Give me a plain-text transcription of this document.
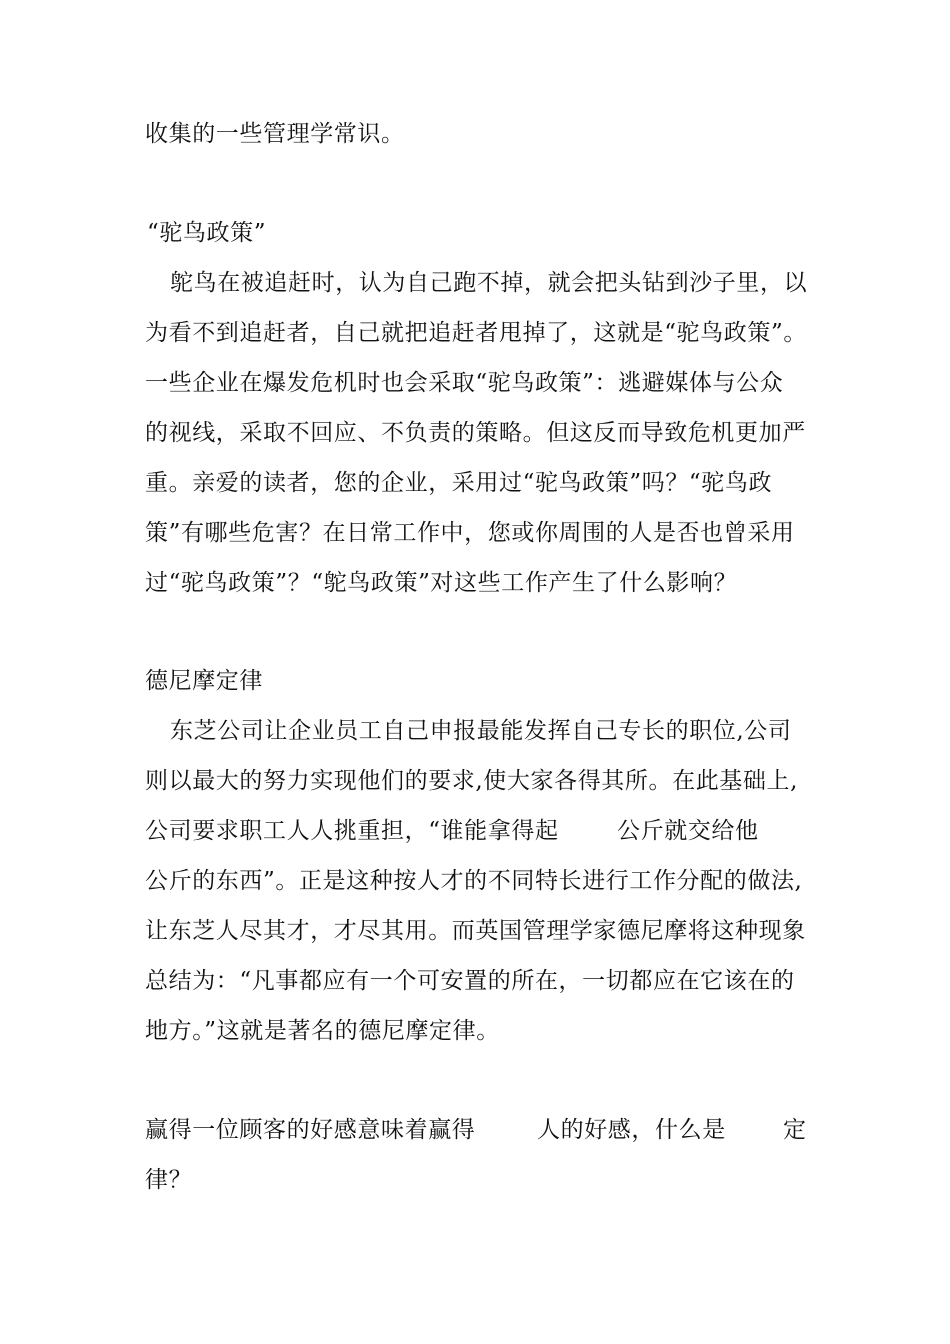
收集的一些管理学常识。
“驼鸟政策”
鸵鸟在被追赶时，认为自己跑不掉，就会把头钻到沙子里，以
为看不到追赶者，自己就把追赶者甩掉了，这就是“驼鸟政策”。
一些企业在爆发危机时也会采取“驼鸟政策”：逃避媒体与公众
的视线，采取不回应、不负责的策略。但这反而导致危机更加严
重。亲爱的读者，您的企业，采用过“驼鸟政策”吗？“驼鸟政
策”有哪些危害？在日常工作中，您或你周围的人是否也曾采用
过“驼鸟政策”？“鸵鸟政策”对这些工作产生了什么影响？
德尼摩定律
东芝公司让企业员工自己申报最能发挥自己专长的职位,公司
则以最大的努力实现他们的要求,使大家各得其所。在此基础上,
公司要求职工人人挑重担，“谁能拿得起	公斤就交给他
公斤的东西”。正是这种按人才的不同特长进行工作分配的做法,
让东芝人尽其才，才尽其用。而英国管理学家德尼摩将这种现象
总结为：“凡事都应有一个可安置的所在，一切都应在它该在的
地方。”这就是著名的德尼摩定律。
赢得一位顾客的好感意味着赢得	人的好感，什么是 定
律？
